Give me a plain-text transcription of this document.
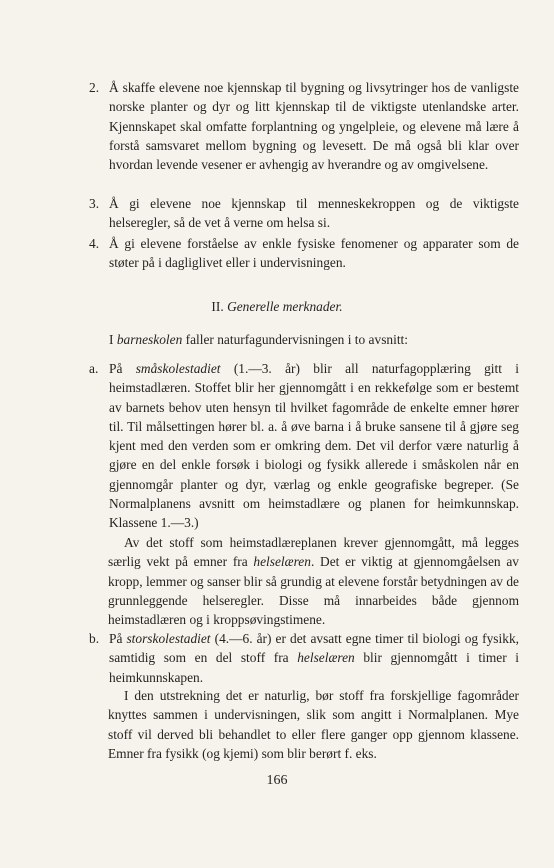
2. Å skaffe elevene noe kjennskap til bygning og livsytringer hos de vanligste norske planter og dyr og litt kjennskap til de viktigste utenlandske arter. Kjennskapet skal omfatte forplantning og yngelpleie, og elevene må lære å forstå samsvaret mellom bygning og levesett. De må også bli klar over hvordan levende vesener er avhengig av hverandre og av omgivelsene.
3. Å gi elevene noe kjennskap til menneskekroppen og de viktigste helseregler, så de vet å verne om helsa si.
4. Å gi elevene forståelse av enkle fysiske fenomener og apparater som de støter på i dagliglivet eller i undervisningen.
II. Generelle merknader.
I barneskolen faller naturfagundervisningen i to avsnitt:
a. På småskolestadiet (1.—3. år) blir all naturfagopplæring gitt i heimstadlæren. Stoffet blir her gjennomgått i en rekkefølge som er bestemt av barnets behov uten hensyn til hvilket fagområde de enkelte emner hører til. Til målsettingen hører bl. a. å øve barna i å bruke sansene til å gjøre seg kjent med den verden som er omkring dem. Det vil derfor være naturlig å gjøre en del enkle forsøk i biologi og fysikk allerede i småskolen når en gjennomgår planter og dyr, værlag og enkle geografiske begreper. (Se Normalplanens avsnitt om heimstadlære og planen for heimkunnskap. Klassene 1.—3.)
Av det stoff som heimstadlæreplanen krever gjennomgått, må legges særlig vekt på emner fra helselæren. Det er viktig at gjennomgåelsen av kropp, lemmer og sanser blir så grundig at elevene forstår betydningen av de grunnleggende helseregler. Disse må innarbeides både gjennom heimstadlæren og i kroppsøvingstimene.
b. På storskolestadiet (4.—6. år) er det avsatt egne timer til biologi og fysikk, samtidig som en del stoff fra helselæren blir gjennomgått i timer i heimkunnskapen.
I den utstrekning det er naturlig, bør stoff fra forskjellige fagområder knyttes sammen i undervisningen, slik som angitt i Normalplanen. Mye stoff vil derved bli behandlet to eller flere ganger opp gjennom klassene. Emner fra fysikk (og kjemi) som blir berørt f. eks.
166
